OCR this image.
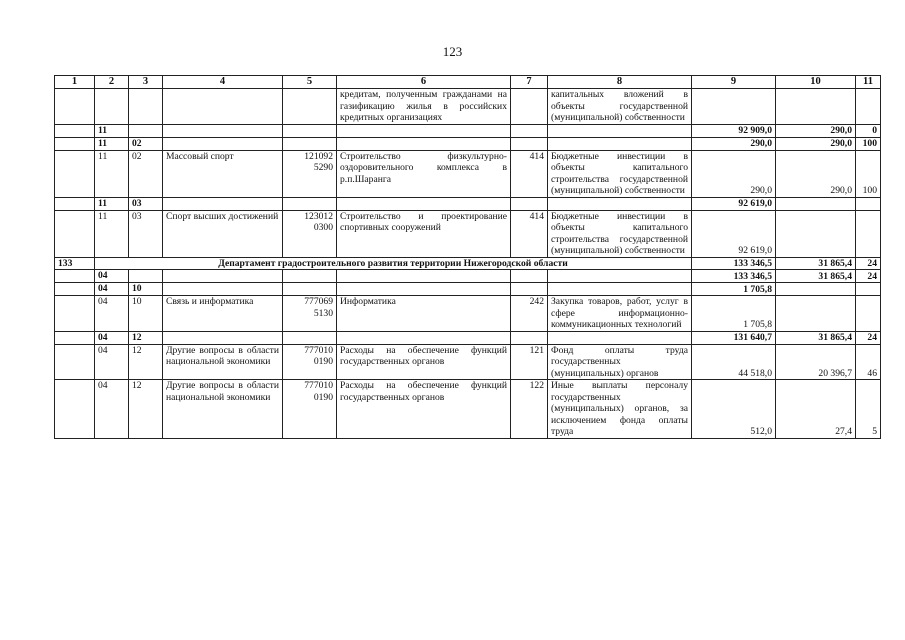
123
1	2	3	4	5	6	7	8	9	10	11
					кредитам, полученным гражданами на газификацию жилья в российских кредитных организациях		капитальных вложений в объекты государственной (муниципальной) собственности			
	11							92 909,0	290,0	0
	11	02						290,0	290,0	100
	11	02	Массовый спорт	121092 5290	Строительство физкультурно-оздоровительного комплекса в р.п.Шаранга	414	Бюджетные инвестиции в объекты капитального строительства государственной (муниципальной) собственности	290,0	290,0	100
	11	03						92 619,0		
	11	03	Спорт высших достижений	123012 0300	Строительство и проектирование спортивных сооружений	414	Бюджетные инвестиции в объекты капитального строительства государственной (муниципальной) собственности	92 619,0		
133	Департамент градостроительного развития территории Нижегородской области							133 346,5	31 865,4	24
	04							133 346,5	31 865,4	24
	04	10						1 705,8		
	04	10	Связь и информатика	777069 5130	Информатика	242	Закупка товаров, работ, услуг в сфере информационно-коммуникационных технологий	1 705,8		
	04	12						131 640,7	31 865,4	24
	04	12	Другие вопросы в области национальной экономики	777010 0190	Расходы на обеспечение функций государственных органов	121	Фонд оплаты труда государственных (муниципальных) органов	44 518,0	20 396,7	46
	04	12	Другие вопросы в области национальной экономики	777010 0190	Расходы на обеспечение функций государственных органов	122	Иные выплаты персоналу государственных (муниципальных) органов, за исключением фонда оплаты труда	512,0	27,4	5
